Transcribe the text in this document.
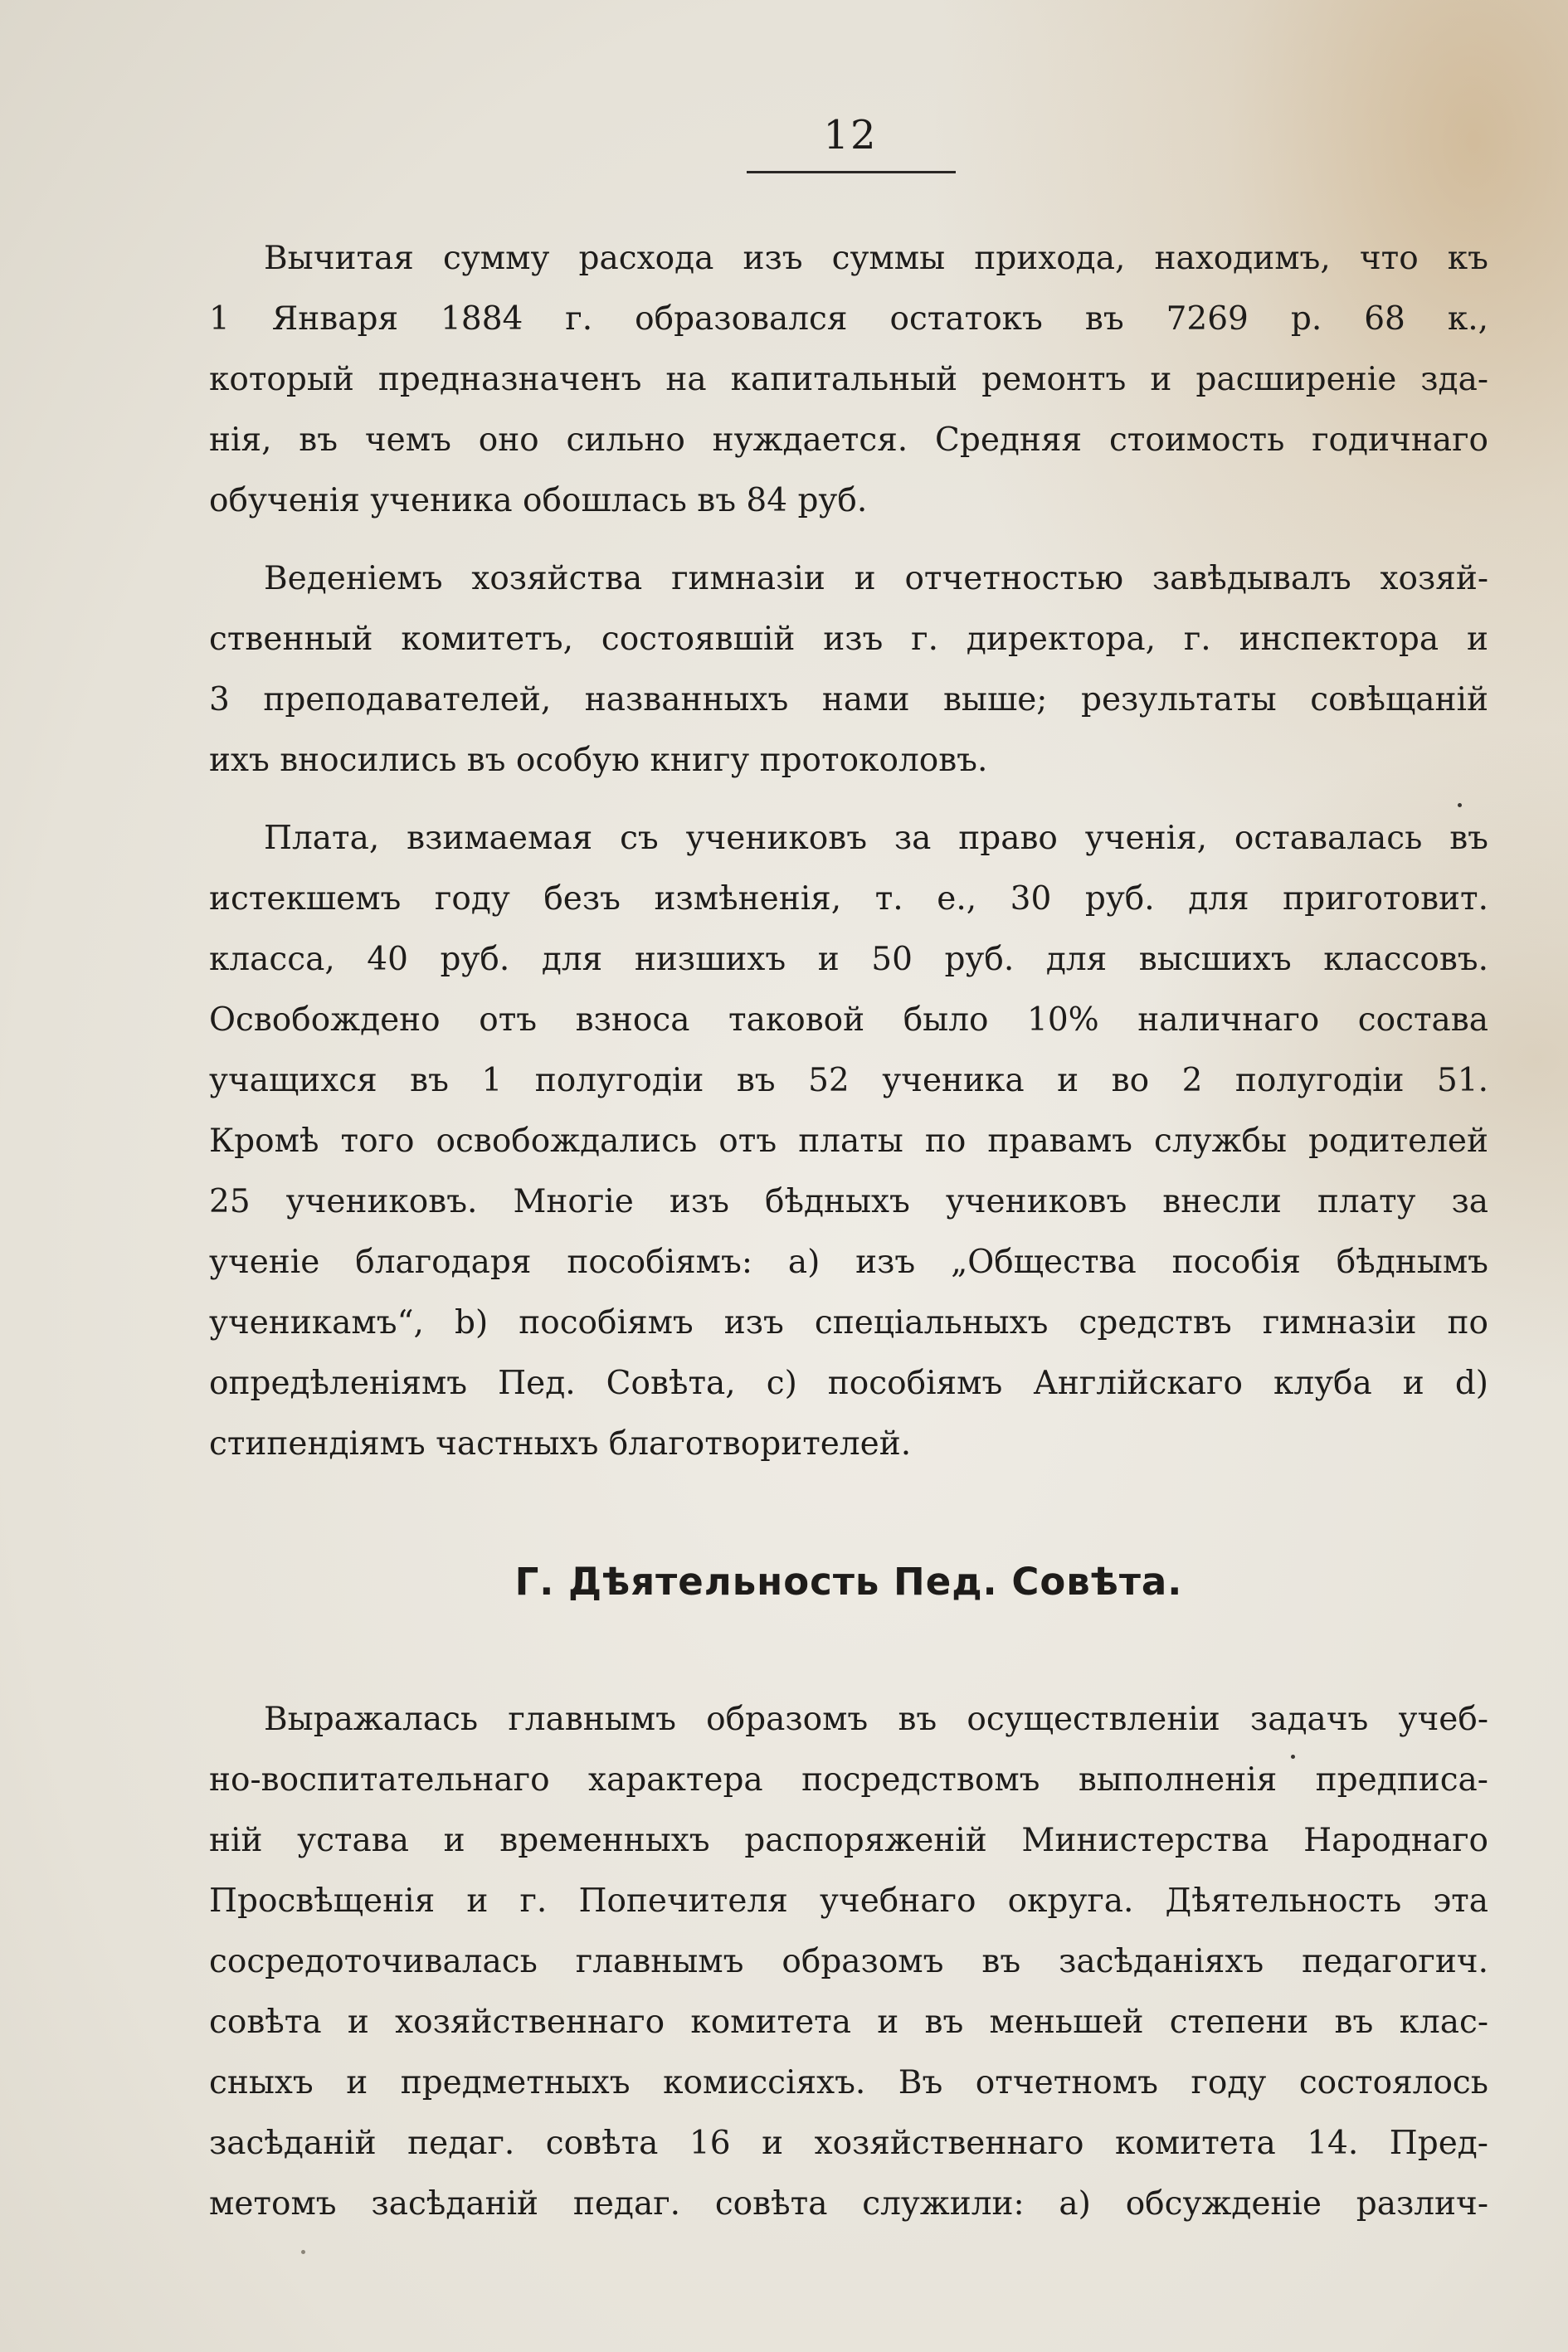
12
Вычитая сумму расхода изъ суммы прихода, находимъ, что къ
1 Января 1884 г. образовался остатокъ въ 7269 р. 68 к.,
который предназначенъ на капитальный ремонтъ и расширеніе зда-
нія, въ чемъ оно сильно нуждается. Средняя стоимость годичнаго
обученія ученика обошлась въ 84 руб.
Веденіемъ хозяйства гимназіи и отчетностью завѣдывалъ хозяй-
ственный комитетъ, состоявшій изъ г. директора, г. инспектора и
3 преподавателей, названныхъ нами выше; результаты совѣщаній
ихъ вносились въ особую книгу протоколовъ.
Плата, взимаемая съ учениковъ за право ученія, оставалась въ
истекшемъ году безъ измѣненія, т. е., 30 руб. для приготовит.
класса, 40 руб. для низшихъ и 50 руб. для высшихъ классовъ.
Освобождено отъ взноса таковой было 10% наличнаго состава
учащихся въ 1 полугодіи въ 52 ученика и во 2 полугодіи 51.
Кромѣ того освобождались отъ платы по правамъ службы родителей
25 учениковъ. Многіе изъ бѣдныхъ учениковъ внесли плату за
ученіе благодаря пособіямъ: а) изъ „Общества пособія бѣднымъ
ученикамъ“, b) пособіямъ изъ спеціальныхъ средствъ гимназіи по
опредѣленіямъ Пед. Совѣта, с) пособіямъ Англійскаго клуба и d)
стипендіямъ частныхъ благотворителей.
Г. Дѣятельность Пед. Совѣта.
Выражалась главнымъ образомъ въ осуществленіи задачъ учеб-
но-воспитательнаго характера посредствомъ выполненія предписа-
ній устава и временныхъ распоряженій Министерства Народнаго
Просвѣщенія и г. Попечителя учебнаго округа. Дѣятельность эта
сосредоточивалась главнымъ образомъ въ засѣданіяхъ педагогич.
совѣта и хозяйственнаго комитета и въ меньшей степени въ клас-
сныхъ и предметныхъ комиссіяхъ. Въ отчетномъ году состоялось
засѣданій педаг. совѣта 16 и хозяйственнаго комитета 14. Пред-
метомъ засѣданій педаг. совѣта служили: а) обсужденіе различ-
